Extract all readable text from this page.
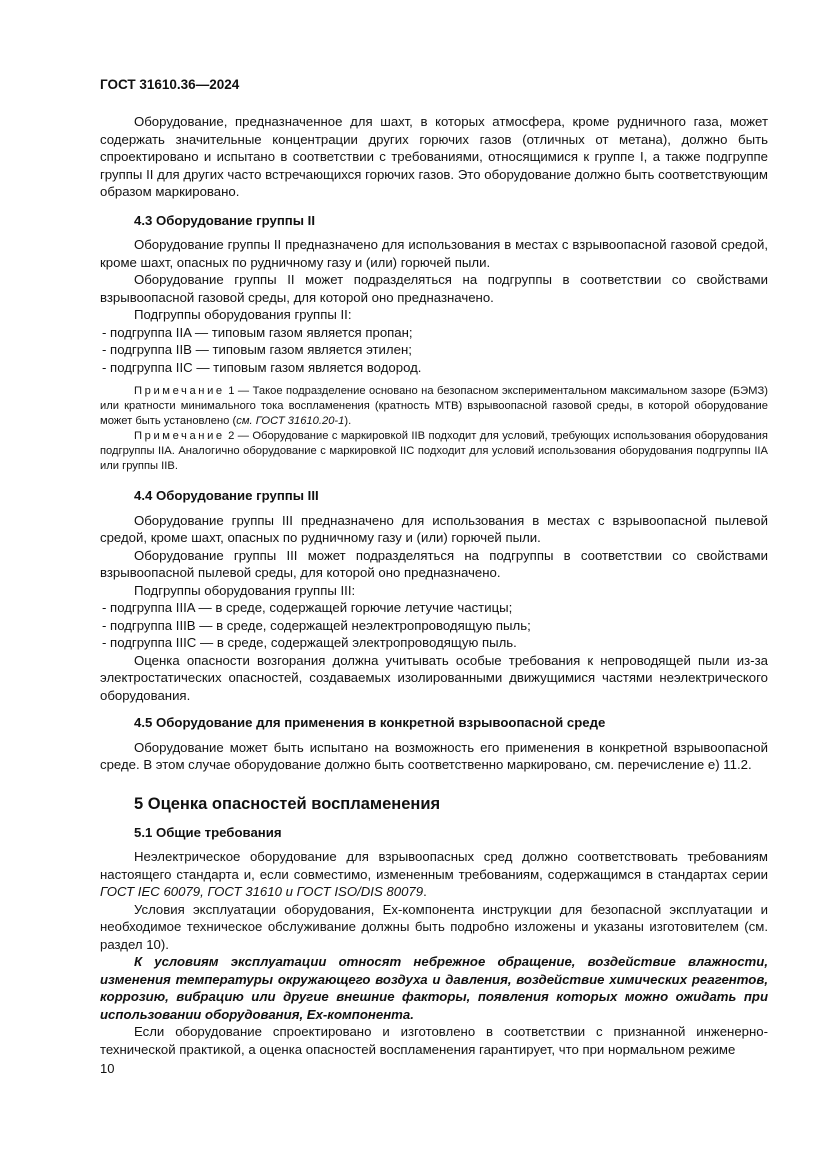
ГОСТ 31610.36—2024

Оборудование, предназначенное для шахт, в которых атмосфера, кроме рудничного газа, может содержать значительные концентрации других горючих газов (отличных от метана), должно быть спроектировано и испытано в соответствии с требованиями, относящимися к группе I, а также подгруппе группы II для других часто встречающихся горючих газов. Это оборудование должно быть соответствующим образом маркировано.

4.3 Оборудование группы II

Оборудование группы II предназначено для использования в местах с взрывоопасной газовой средой, кроме шахт, опасных по рудничному газу и (или) горючей пыли.

Оборудование группы II может подразделяться на подгруппы в соответствии со свойствами взрывоопасной газовой среды, для которой оно предназначено.

Подгруппы оборудования группы II:

- подгруппа IIA — типовым газом является пропан;

- подгруппа IIB — типовым газом является этилен;

- подгруппа IIC — типовым газом является водород.

Примечание 1 — Такое подразделение основано на безопасном экспериментальном максимальном зазоре (БЭМЗ) или кратности минимального тока воспламенения (кратность МТВ) взрывоопасной газовой среды, в которой оборудование может быть установлено (см. ГОСТ 31610.20-1).

Примечание 2 — Оборудование с маркировкой IIB подходит для условий, требующих использования оборудования подгруппы IIA. Аналогично оборудование с маркировкой IIC подходит для условий использования оборудования подгруппы IIA или группы IIB.

4.4 Оборудование группы III

Оборудование группы III предназначено для использования в местах с взрывоопасной пылевой средой, кроме шахт, опасных по рудничному газу и (или) горючей пыли.

Оборудование группы III может подразделяться на подгруппы в соответствии со свойствами взрывоопасной пылевой среды, для которой оно предназначено.

Подгруппы оборудования группы III:

- подгруппа IIIA — в среде, содержащей горючие летучие частицы;

- подгруппа IIIB — в среде, содержащей неэлектропроводящую пыль;

- подгруппа IIIC — в среде, содержащей электропроводящую пыль.

Оценка опасности возгорания должна учитывать особые требования к непроводящей пыли из-за электростатических опасностей, создаваемых изолированными движущимися частями неэлектрического оборудования.

4.5 Оборудование для применения в конкретной взрывоопасной среде

Оборудование может быть испытано на возможность его применения в конкретной взрывоопасной среде. В этом случае оборудование должно быть соответственно маркировано, см. перечисление е) 11.2.

5 Оценка опасностей воспламенения

5.1 Общие требования

Неэлектрическое оборудование для взрывоопасных сред должно соответствовать требованиям настоящего стандарта и, если совместимо, измененным требованиям, содержащимся в стандартах серии ГОСТ IEC 60079, ГОСТ 31610 и ГОСТ ISO/DIS 80079.

Условия эксплуатации оборудования, Ex-компонента инструкции для безопасной эксплуатации и необходимое техническое обслуживание должны быть подробно изложены и указаны изготовителем (см. раздел 10).

К условиям эксплуатации относят небрежное обращение, воздействие влажности, изменения температуры окружающего воздуха и давления, воздействие химических реагентов, коррозию, вибрацию или другие внешние факторы, появления которых можно ожидать при использовании оборудования, Ex-компонента.

Если оборудование спроектировано и изготовлено в соответствии с признанной инженерно-технической практикой, а оценка опасностей воспламенения гарантирует, что при нормальном режиме

10
